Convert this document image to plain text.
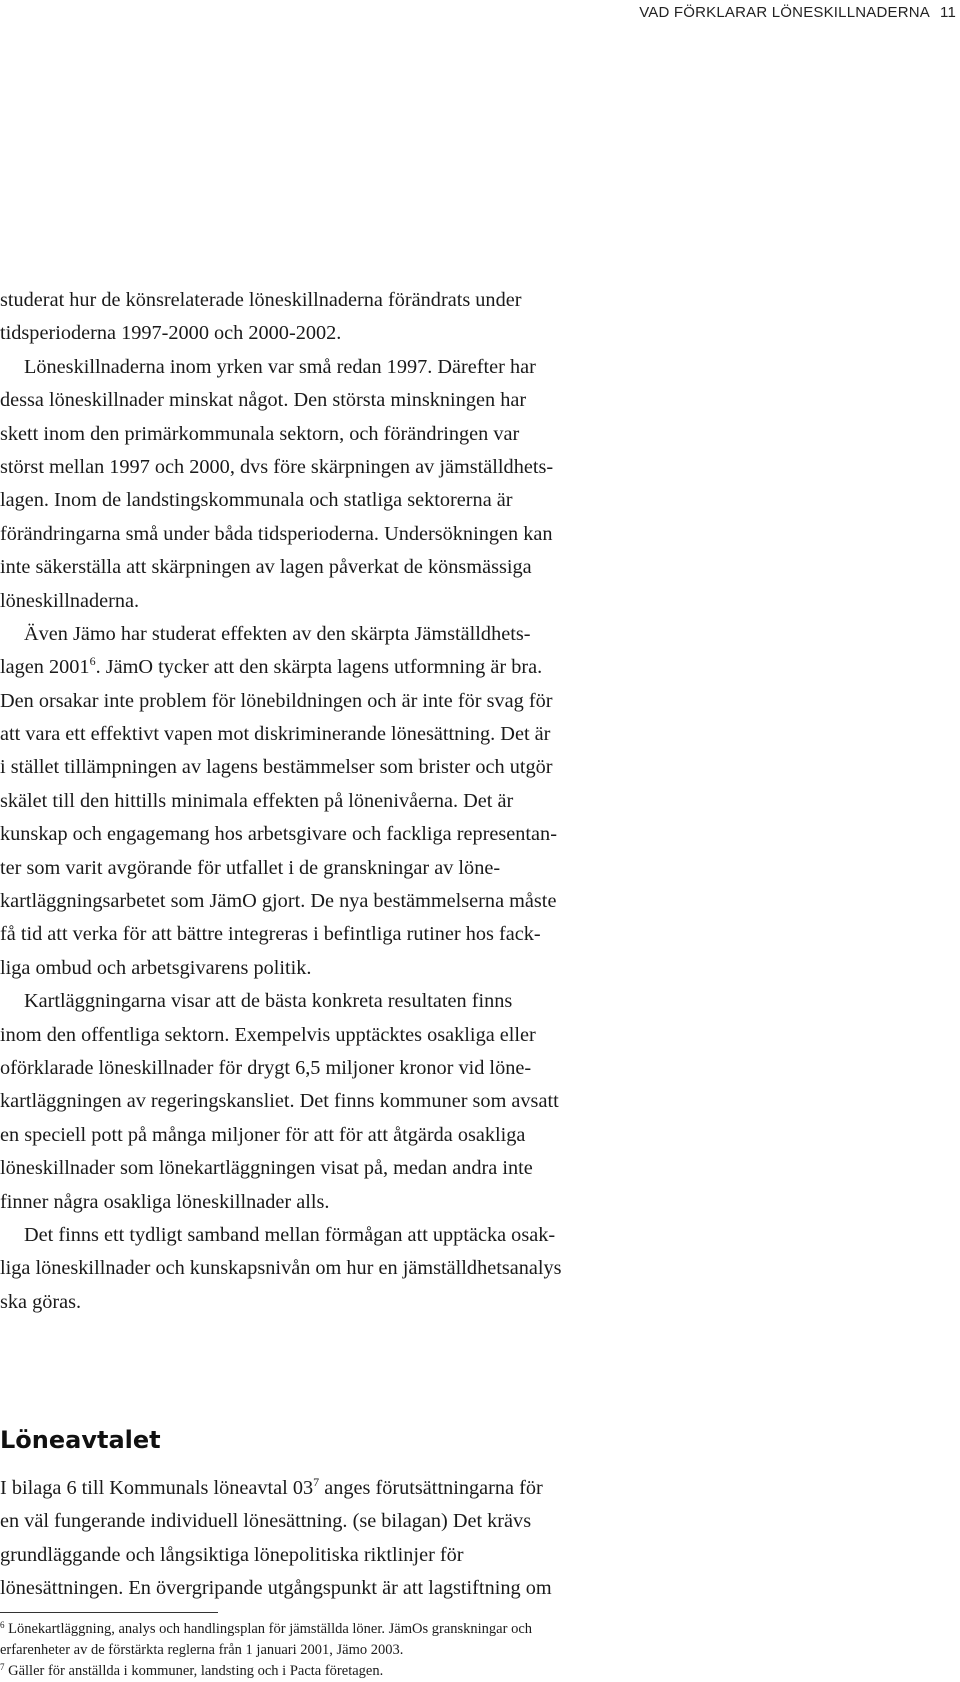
VAD FÖRKLARAR LÖNESKILLNADERNA 11
studerat hur de könsrelaterade löneskillnaderna förändrats under
tidsperioderna 1997-2000 och 2000-2002.
Löneskillnaderna inom yrken var små redan 1997. Därefter har
dessa löneskillnader minskat något. Den största minskningen har
skett inom den primärkommunala sektorn, och förändringen var
störst mellan 1997 och 2000, dvs före skärpningen av jämställdhets-
lagen. Inom de landstingskommunala och statliga sektorerna är
förändringarna små under båda tidsperioderna. Undersökningen kan
inte säkerställa att skärpningen av lagen påverkat de könsmässiga
löneskillnaderna.
Även Jämo har studerat effekten av den skärpta Jämställdhets-
lagen 2001$^6$. JämO tycker att den skärpta lagens utformning är bra.
Den orsakar inte problem för lönebildningen och är inte för svag för
att vara ett effektivt vapen mot diskriminerande lönesättning. Det är
i stället tillämpningen av lagens bestämmelser som brister och utgör
skälet till den hittills minimala effekten på lönenivåerna. Det är
kunskap och engagemang hos arbetsgivare och fackliga representan-
ter som varit avgörande för utfallet i de granskningar av löne-
kartläggningsarbetet som JämO gjort. De nya bestämmelserna måste
få tid att verka för att bättre integreras i befintliga rutiner hos fack-
liga ombud och arbetsgivarens politik.
Kartläggningarna visar att de bästa konkreta resultaten finns
inom den offentliga sektorn. Exempelvis upptäcktes osakliga eller
oförklarade löneskillnader för drygt 6,5 miljoner kronor vid löne-
kartläggningen av regeringskansliet. Det finns kommuner som avsatt
en speciell pott på många miljoner för att för att åtgärda osakliga
löneskillnader som lönekartläggningen visat på, medan andra inte
finner några osakliga löneskillnader alls.
Det finns ett tydligt samband mellan förmågan att upptäcka osak-
liga löneskillnader och kunskapsnivån om hur en jämställdhetsanalys
ska göras.
Löneavtalet
I bilaga 6 till Kommunals löneavtal $03^7$ anges förutsättningarna för
en väl fungerande individuell lönesättning. (se bilagan) Det krävs
grundläggande och långsiktiga lönepolitiska riktlinjer för
lönesättningen. En övergripande utgångspunkt är att lagstiftning om
$^6$ Lönekartläggning, analys och handlingsplan för jämställda löner. JämOs granskningar och
erfarenheter av de förstärkta reglerna från 1 januari 2001, Jämo 2003.
$^7$ Gäller för anställda i kommuner, landsting och i Pacta företagen.
